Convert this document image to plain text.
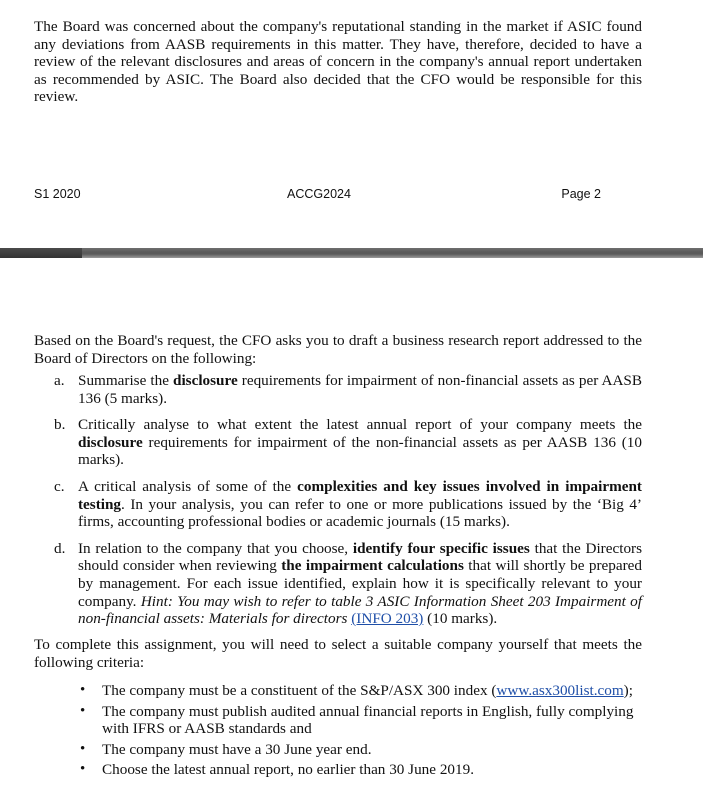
The Board was concerned about the company's reputational standing in the market if ASIC found any deviations from AASB requirements in this matter. They have, therefore, decided to have a review of the relevant disclosures and areas of concern in the company's annual report undertaken as recommended by ASIC. The Board also decided that the CFO would be responsible for this review.

S1 2020	ACCG2024	Page 2

Based on the Board's request, the CFO asks you to draft a business research report addressed to the Board of Directors on the following:

a. Summarise the disclosure requirements for impairment of non-financial assets as per AASB 136 (5 marks).
b. Critically analyse to what extent the latest annual report of your company meets the disclosure requirements for impairment of the non-financial assets as per AASB 136 (10 marks).
c. A critical analysis of some of the complexities and key issues involved in impairment testing. In your analysis, you can refer to one or more publications issued by the ‘Big 4’ firms, accounting professional bodies or academic journals (15 marks).
d. In relation to the company that you choose, identify four specific issues that the Directors should consider when reviewing the impairment calculations that will shortly be prepared by management. For each issue identified, explain how it is specifically relevant to your company. Hint: You may wish to refer to table 3 ASIC Information Sheet 203 Impairment of non-financial assets: Materials for directors (INFO 203) (10 marks).

To complete this assignment, you will need to select a suitable company yourself that meets the following criteria:

• The company must be a constituent of the S&P/ASX 300 index (www.asx300list.com);
• The company must publish audited annual financial reports in English, fully complying with IFRS or AASB standards and
• The company must have a 30 June year end.
• Choose the latest annual report, no earlier than 30 June 2019.
